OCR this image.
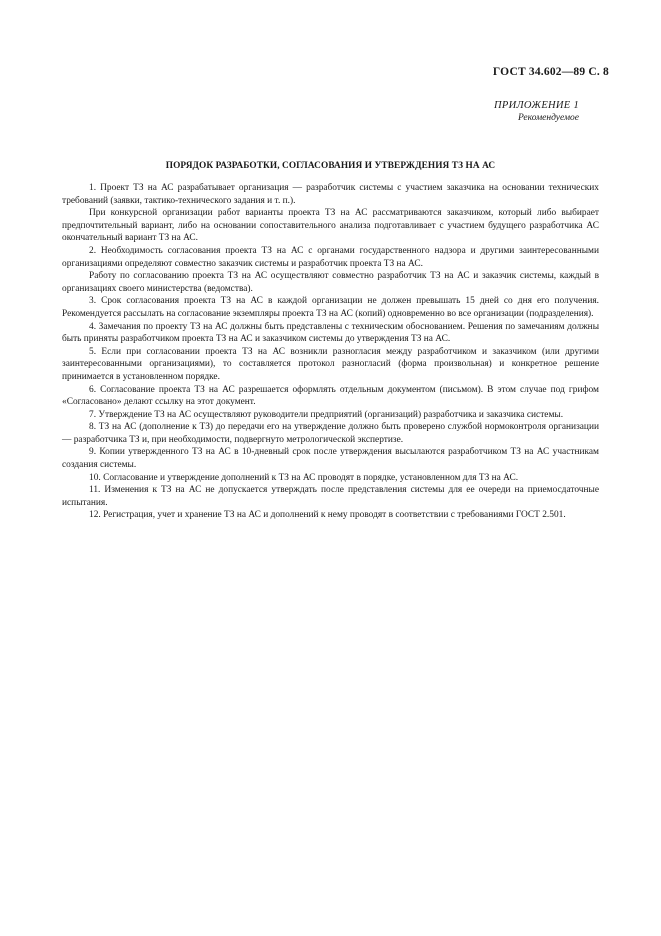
ГОСТ 34.602—89 С. 8
ПРИЛОЖЕНИЕ 1
Рекомендуемое
ПОРЯДОК РАЗРАБОТКИ, СОГЛАСОВАНИЯ И УТВЕРЖДЕНИЯ ТЗ НА АС

1. Проект ТЗ на АС разрабатывает организация — разработчик системы с участием заказчика на основании технических требований (заявки, тактико-технического задания и т. п.).

При конкурсной организации работ варианты проекта ТЗ на АС рассматриваются заказчиком, который либо выбирает предпочтительный вариант, либо на основании сопоставительного анализа подготавливает с участием будущего разработчика АС окончательный вариант ТЗ на АС.

2. Необходимость согласования проекта ТЗ на АС с органами государственного надзора и другими заинтересованными организациями определяют совместно заказчик системы и разработчик проекта ТЗ на АС.

Работу по согласованию проекта ТЗ на АС осуществляют совместно разработчик ТЗ на АС и заказчик системы, каждый в организациях своего министерства (ведомства).

3. Срок согласования проекта ТЗ на АС в каждой организации не должен превышать 15 дней со дня его получения. Рекомендуется рассылать на согласование экземпляры проекта ТЗ на АС (копий) одновременно во все организации (подразделения).

4. Замечания по проекту ТЗ на АС должны быть представлены с техническим обоснованием. Решения по замечаниям должны быть приняты разработчиком проекта ТЗ на АС и заказчиком системы до утверждения ТЗ на АС.

5. Если при согласовании проекта ТЗ на АС возникли разногласия между разработчиком и заказчиком (или другими заинтересованными организациями), то составляется протокол разногласий (форма произвольная) и конкретное решение принимается в установленном порядке.

6. Согласование проекта ТЗ на АС разрешается оформлять отдельным документом (письмом). В этом случае под грифом «Согласовано» делают ссылку на этот документ.

7. Утверждение ТЗ на АС осуществляют руководители предприятий (организаций) разработчика и заказчика системы.

8. ТЗ на АС (дополнение к ТЗ) до передачи его на утверждение должно быть проверено службой нормоконтроля организации — разработчика ТЗ и, при необходимости, подвергнуто метрологической экспертизе.

9. Копии утвержденного ТЗ на АС в 10-дневный срок после утверждения высылаются разработчиком ТЗ на АС участникам создания системы.

10. Согласование и утверждение дополнений к ТЗ на АС проводят в порядке, установленном для ТЗ на АС.

11. Изменения к ТЗ на АС не допускается утверждать после представления системы для ее очереди на приемосдаточные испытания.

12. Регистрация, учет и хранение ТЗ на АС и дополнений к нему проводят в соответствии с требованиями ГОСТ 2.501.
